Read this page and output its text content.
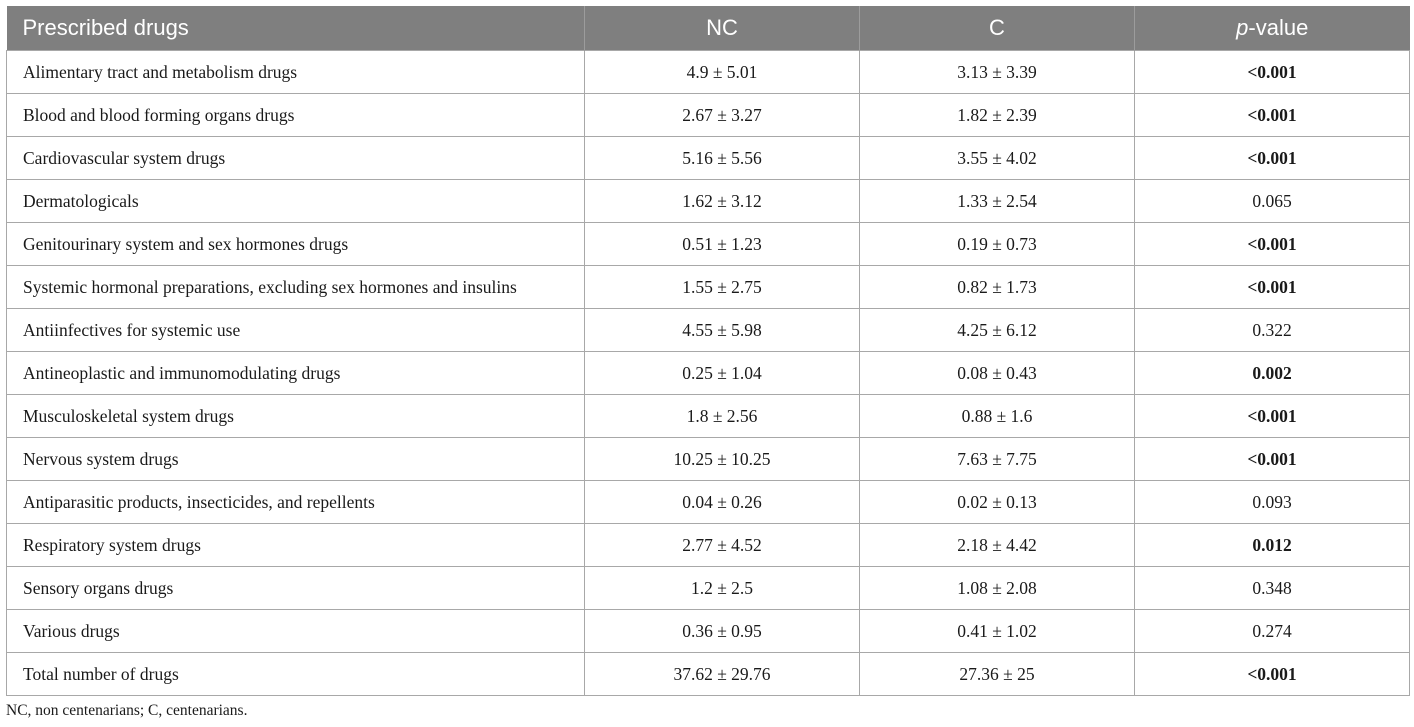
Prescribed drugs	NC	C	p-value
Alimentary tract and metabolism drugs	4.9 ± 5.01	3.13 ± 3.39	<0.001
Blood and blood forming organs drugs	2.67 ± 3.27	1.82 ± 2.39	<0.001
Cardiovascular system drugs	5.16 ± 5.56	3.55 ± 4.02	<0.001
Dermatologicals	1.62 ± 3.12	1.33 ± 2.54	0.065
Genitourinary system and sex hormones drugs	0.51 ± 1.23	0.19 ± 0.73	<0.001
Systemic hormonal preparations, excluding sex hormones and insulins	1.55 ± 2.75	0.82 ± 1.73	<0.001
Antiinfectives for systemic use	4.55 ± 5.98	4.25 ± 6.12	0.322
Antineoplastic and immunomodulating drugs	0.25 ± 1.04	0.08 ± 0.43	0.002
Musculoskeletal system drugs	1.8 ± 2.56	0.88 ± 1.6	<0.001
Nervous system drugs	10.25 ± 10.25	7.63 ± 7.75	<0.001
Antiparasitic products, insecticides, and repellents	0.04 ± 0.26	0.02 ± 0.13	0.093
Respiratory system drugs	2.77 ± 4.52	2.18 ± 4.42	0.012
Sensory organs drugs	1.2 ± 2.5	1.08 ± 2.08	0.348
Various drugs	0.36 ± 0.95	0.41 ± 1.02	0.274
Total number of drugs	37.62 ± 29.76	27.36 ± 25	<0.001
NC, non centenarians; C, centenarians.
